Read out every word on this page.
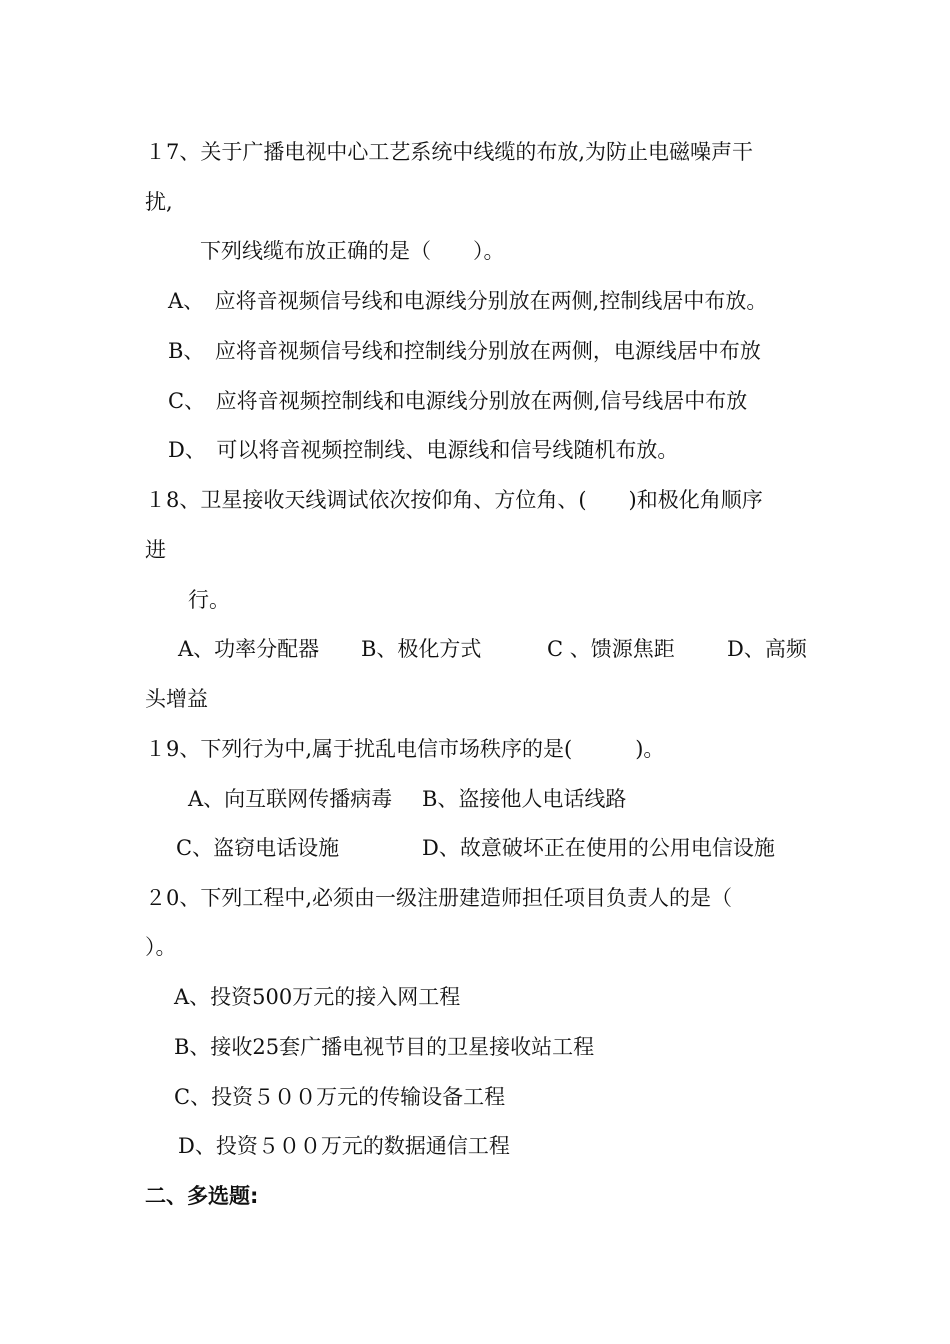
１7、关于广播电视中心工艺系统中线缆的布放,为防止电磁噪声干
扰,
下列线缆布放正确的是（　　）。
A、　应将音视频信号线和电源线分别放在两侧,控制线居中布放。
B、　应将音视频信号线和控制线分别放在两侧，电源线居中布放
C、　应将音视频控制线和电源线分别放在两侧,信号线居中布放
D、　可以将音视频控制线、电源线和信号线随机布放。
１8、卫星接收天线调试依次按仰角、方位角、(　　)和极化角顺序
进
行。
A、功率分配器 B、极化方式	C 、馈源焦距 D、高频
头增益
１9、下列行为中,属于扰乱电信市场秩序的是(　　　)。
A、向互联网传播病毒 B、盗接他人电话线路
C、盗窃电话设施	D、故意破坏正在使用的公用电信设施
２0、下列工程中,必须由一级注册建造师担任项目负责人的是（
）。
A、投资500万元的接入网工程
B、接收25套广播电视节目的卫星接收站工程
C、投资５００万元的传输设备工程
D、投资５００万元的数据通信工程
二、多选题:
